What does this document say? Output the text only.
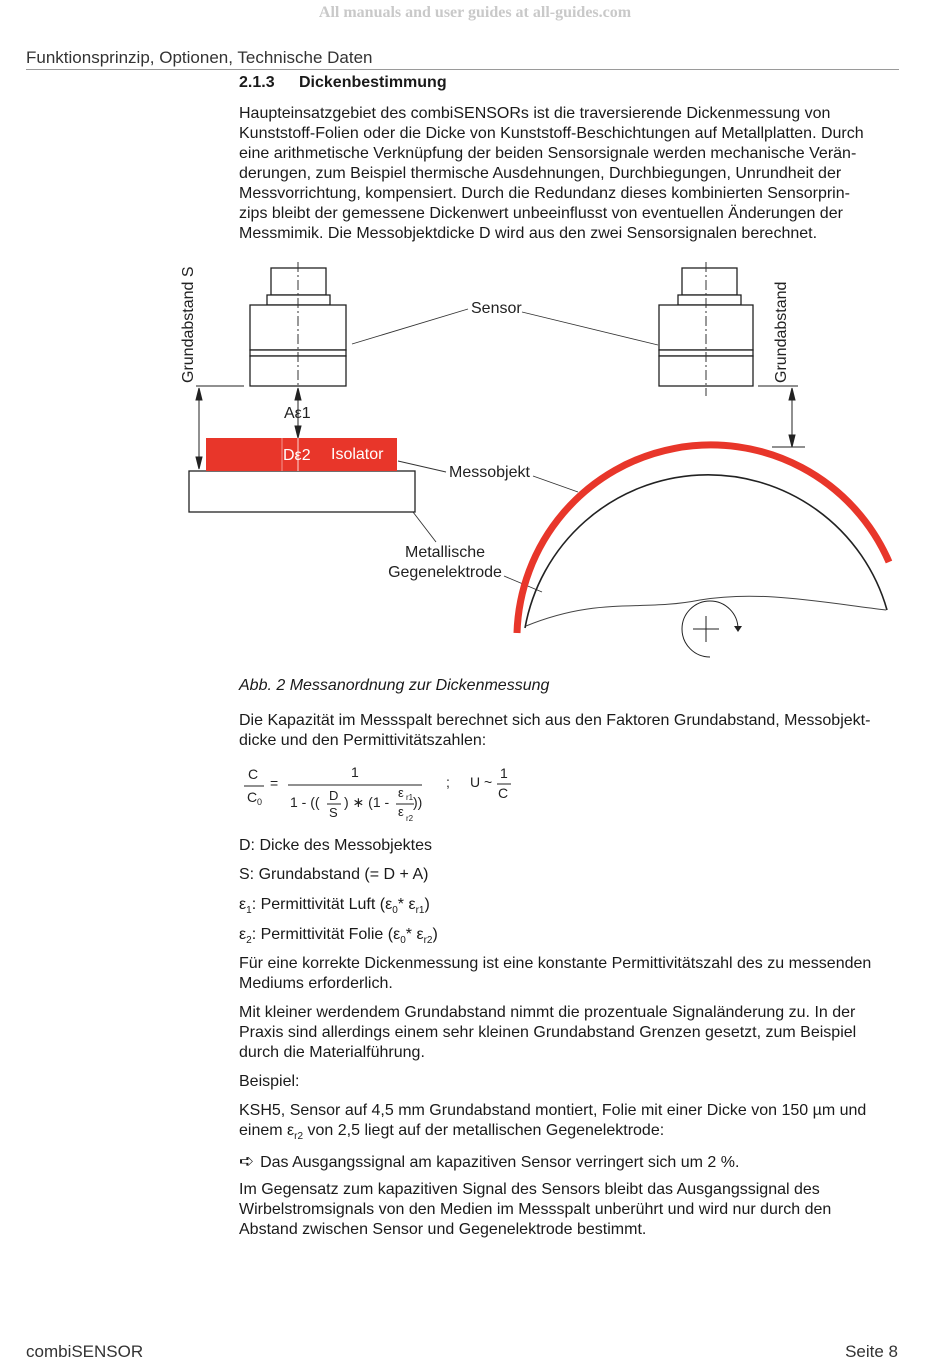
All manuals and user guides at all-guides.com
Funktionsprinzip, Optionen, Technische Daten
2.1.3 Dickenbestimmung
Haupteinsatzgebiet des combiSENSORs ist die traversierende Dickenmessung von
Kunststoff-Folien oder die Dicke von Kunststoff-Beschichtungen auf Metallplatten. Durch
eine arithmetische Verknüpfung der beiden Sensorsignale werden mechanische Verän-
derungen, zum Beispiel thermische Ausdehnungen, Durchbiegungen, Unrundheit der
Messvorrichtung, kompensiert. Durch die Redundanz dieses kombinierten Sensorprin-
zips bleibt der gemessene Dickenwert unbeeinflusst von eventuellen Änderungen der
Messmimik. Die Messobjektdicke D wird aus den zwei Sensorsignalen berechnet.
Grundabstand S	Grundabstand
Sensor
Aε1
Dε2 Isolator
Messobjekt
Metallische
Gegenelektrode
Abb. 2 Messanordnung zur Dickenmessung
Die Kapazität im Messspalt berechnet sich aus den Faktoren Grundabstand, Messobjekt-
dicke und den Permittivitätszahlen:
C
C 0
=
1
1 - (( D
S
) ∗ (1 -
ε r1
ε r2
))
; U ~
1
C
D: Dicke des Messobjektes
S: Grundabstand (= D + A)
$\varepsilon_1$: Permittivität Luft ($\varepsilon_0*$ $\varepsilon_{r1}$)
$\varepsilon_2$: Permittivität Folie ($\varepsilon_0*$ $\varepsilon_{r2}$)
Für eine korrekte Dickenmessung ist eine konstante Permittivitätszahl des zu messenden
Mediums erforderlich.
Mit kleiner werdendem Grundabstand nimmt die prozentuale Signaländerung zu. In der
Praxis sind allerdings einem sehr kleinen Grundabstand Grenzen gesetzt, zum Beispiel
durch die Materialführung.
Beispiel:
KSH5, Sensor auf 4,5 mm Grundabstand montiert, Folie mit einer Dicke von 150 µm und
einem $\varepsilon_{r2}$ von 2,5 liegt auf der metallischen Gegenelektrode:
➪ Das Ausgangssignal am kapazitiven Sensor verringert sich um 2 %.
Im Gegensatz zum kapazitiven Signal des Sensors bleibt das Ausgangssignal des
Wirbelstromsignals von den Medien im Messspalt unberührt und wird nur durch den
Abstand zwischen Sensor und Gegenelektrode bestimmt.
combiSENSOR	Seite 8
